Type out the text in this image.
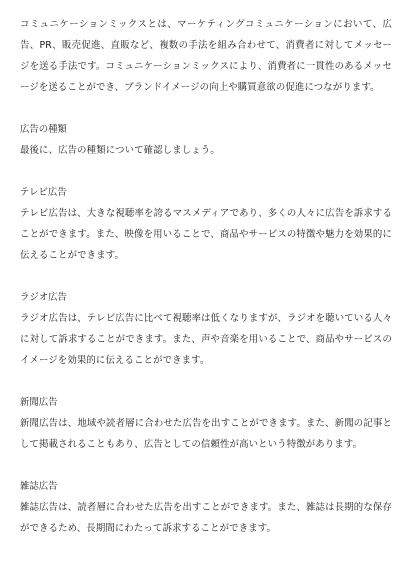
コミュニケーションミックスとは、マーケティングコミュニケーションにおいて、広告、PR、販売促進、直販など、複数の手法を組み合わせて、消費者に対してメッセージを送る手法です。コミュニケーションミックスにより、消費者に一貫性のあるメッセージを送ることができ、ブランドイメージの向上や購買意欲の促進につながります。

広告の種類

最後に、広告の種類について確認しましょう。

テレビ広告

テレビ広告は、大きな視聴率を誇るマスメディアであり、多くの人々に広告を訴求することができます。また、映像を用いることで、商品やサービスの特徴や魅力を効果的に伝えることができます。

ラジオ広告

ラジオ広告は、テレビ広告に比べて視聴率は低くなりますが、ラジオを聴いている人々に対して訴求することができます。また、声や音楽を用いることで、商品やサービスのイメージを効果的に伝えることができます。

新聞広告

新聞広告は、地域や読者層に合わせた広告を出すことができます。また、新聞の記事として掲載されることもあり、広告としての信頼性が高いという特徴があります。

雑誌広告

雑誌広告は、読者層に合わせた広告を出すことができます。また、雑誌は長期的な保存ができるため、長期間にわたって訴求することができます。
